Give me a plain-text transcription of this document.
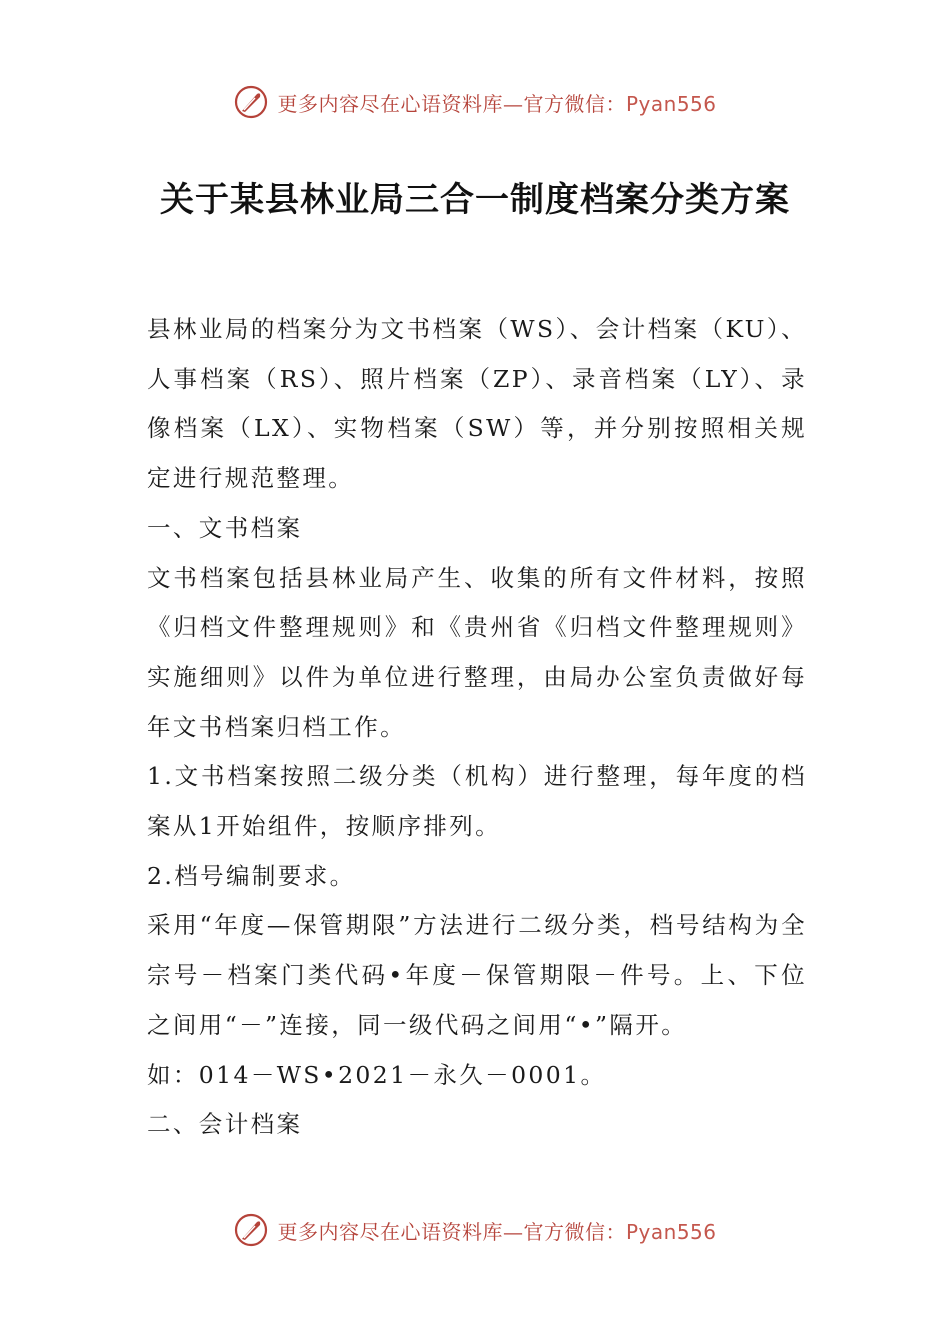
更多内容尽在心语资料库—官方微信：Pyan556
关于某县林业局三合一制度档案分类方案

县林业局的档案分为文书档案（WS）、会计档案（KU）、人事档案（RS）、照片档案（ZP）、录音档案（LY）、录像档案（LX）、实物档案（SW）等，并分别按照相关规定进行规范整理。

一、文书档案

文书档案包括县林业局产生、收集的所有文件材料，按照《归档文件整理规则》和《贵州省《归档文件整理规则》实施细则》以件为单位进行整理，由局办公室负责做好每年文书档案归档工作。

1.文书档案按照二级分类（机构）进行整理，每年度的档案从1开始组件，按顺序排列。

2.档号编制要求。

采用“年度—保管期限”方法进行二级分类，档号结构为全宗号－档案门类代码•年度－保管期限－件号。上、下位之间用“－”连接，同一级代码之间用“•”隔开。

如：014－WS•2021－永久－0001。

二、会计档案

更多内容尽在心语资料库—官方微信：Pyan556
